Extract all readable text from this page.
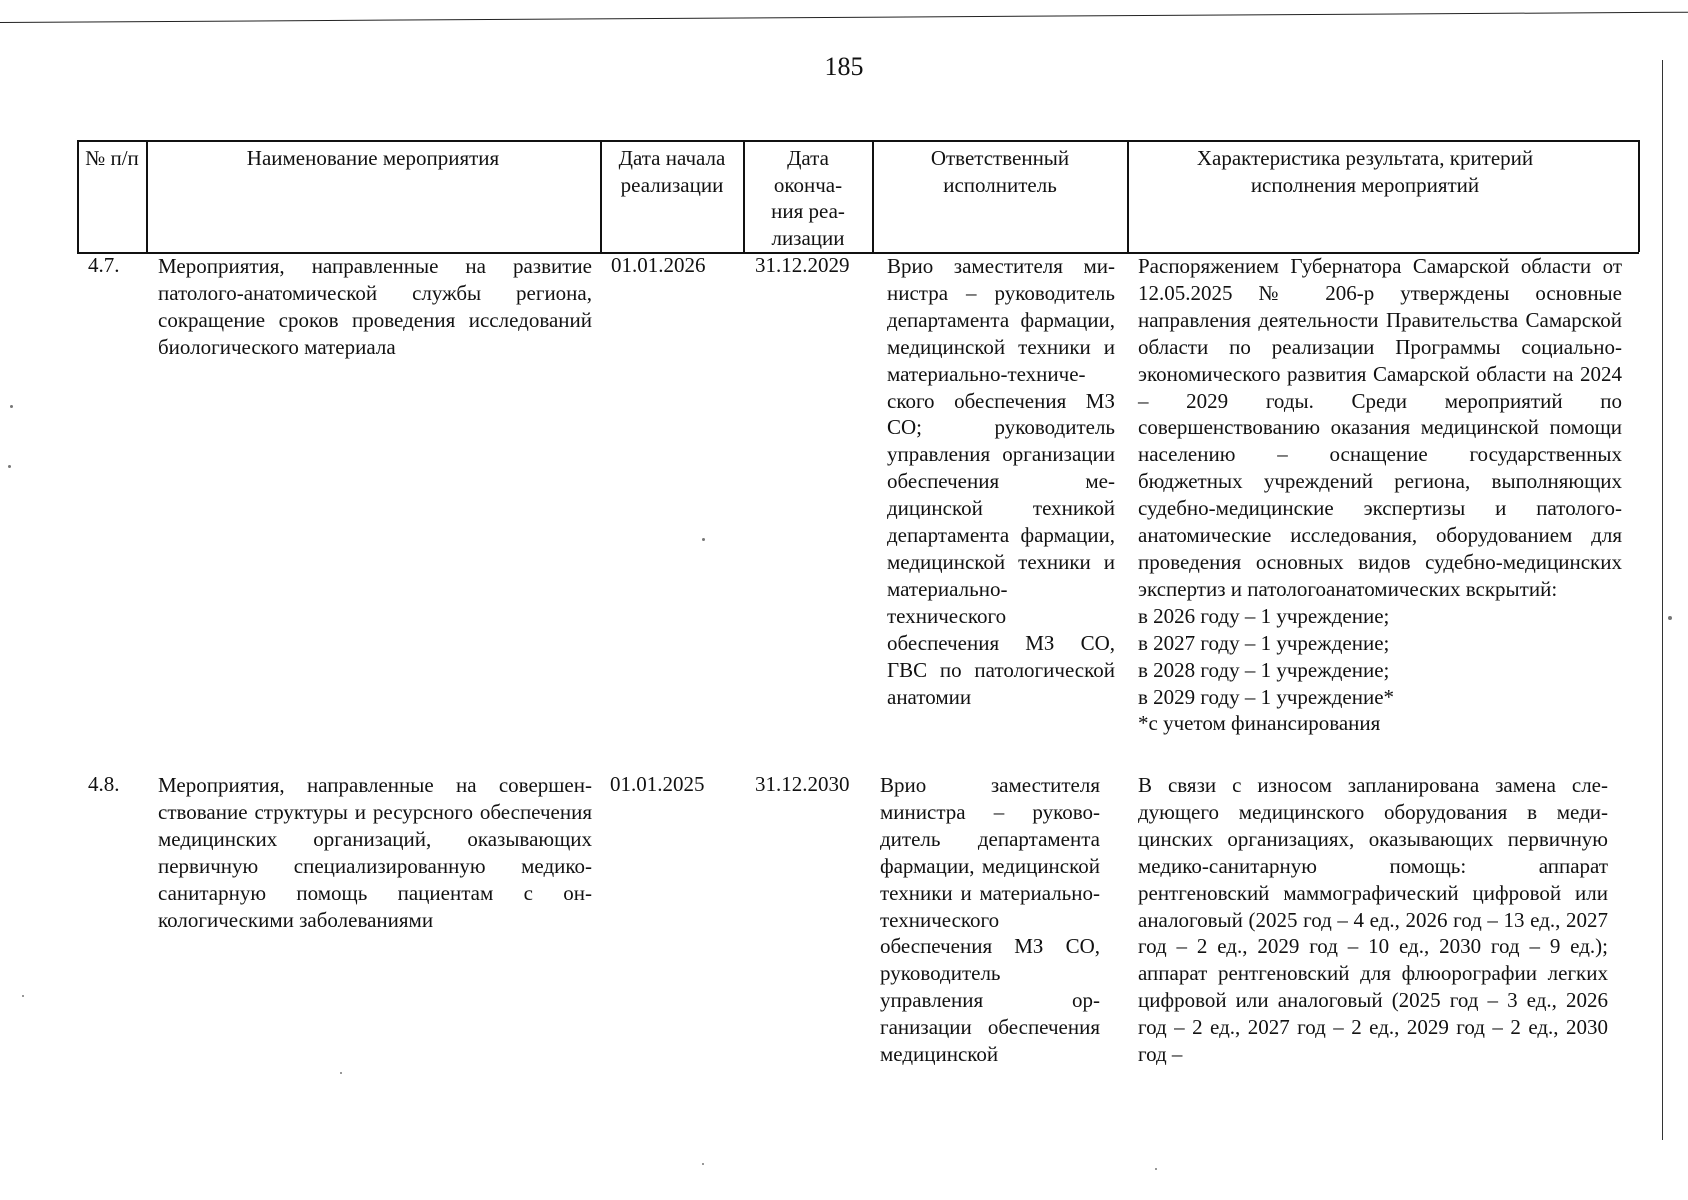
185
№ п/п	Наименование мероприятия	Дата начала реализации
Дата оконча-ния реа-лизации
Ответственный исполнитель
Характеристика результата, критерий исполнения мероприятий
4.7. Мероприятия, направленные на развитие патолого-анатомической службы региона, сокращение сроков проведения исследований биологического материала
01.01.2026 31.12.2029 Врио заместителя министра – руководитель департамента фармации, медицинской техники и материально-технического обеспечения МЗ СО; руководитель управления организации обеспечения медицинской техникой департамента фармации, медицинской техники и материально-технического обеспечения МЗ СО, ГВС по патологической анатомии
Распоряжением Губернатора Самарской области от 12.05.2025 № 206-р утверждены основные направления деятельности Правительства Самарской области по реализации Программы социально-экономического развития Самарской области на 2024 – 2029 годы. Среди мероприятий по совершенствованию оказания медицинской помощи населению – оснащение государственных бюджетных учреждений региона, выполняющих судебно-медицинские экспертизы и патолого-анатомические исследования, оборудованием для проведения основных видов судебно-медицинских экспертиз и патологоанатомических вскрытий:
в 2026 году – 1 учреждение;
в 2027 году – 1 учреждение;
в 2028 году – 1 учреждение;
в 2029 году – 1 учреждение*
*с учетом финансирования
4.8. Мероприятия, направленные на совершенствование структуры и ресурсного обеспечения медицинских организаций, оказывающих первичную специализированную медико-санитарную помощь пациентам с онкологическими заболеваниями
01.01.2025 31.12.2030 Врио заместителя министра – руководитель департамента фармации, медицинской техники и материально-технического обеспечения МЗ СО, руководитель управления организации обеспечения медицинской
В связи с износом запланирована замена следующего медицинского оборудования в медицинских организациях, оказывающих первичную медико-санитарную помощь: аппарат рентгеновский маммографический цифровой или аналоговый (2025 год – 4 ед., 2026 год – 13 ед., 2027 год – 2 ед., 2029 год – 10 ед., 2030 год – 9 ед.); аппарат рентгеновский для флюорографии легких цифровой или аналоговый (2025 год – 3 ед., 2026 год – 2 ед., 2027 год – 2 ед., 2029 год – 2 ед., 2030 год –
